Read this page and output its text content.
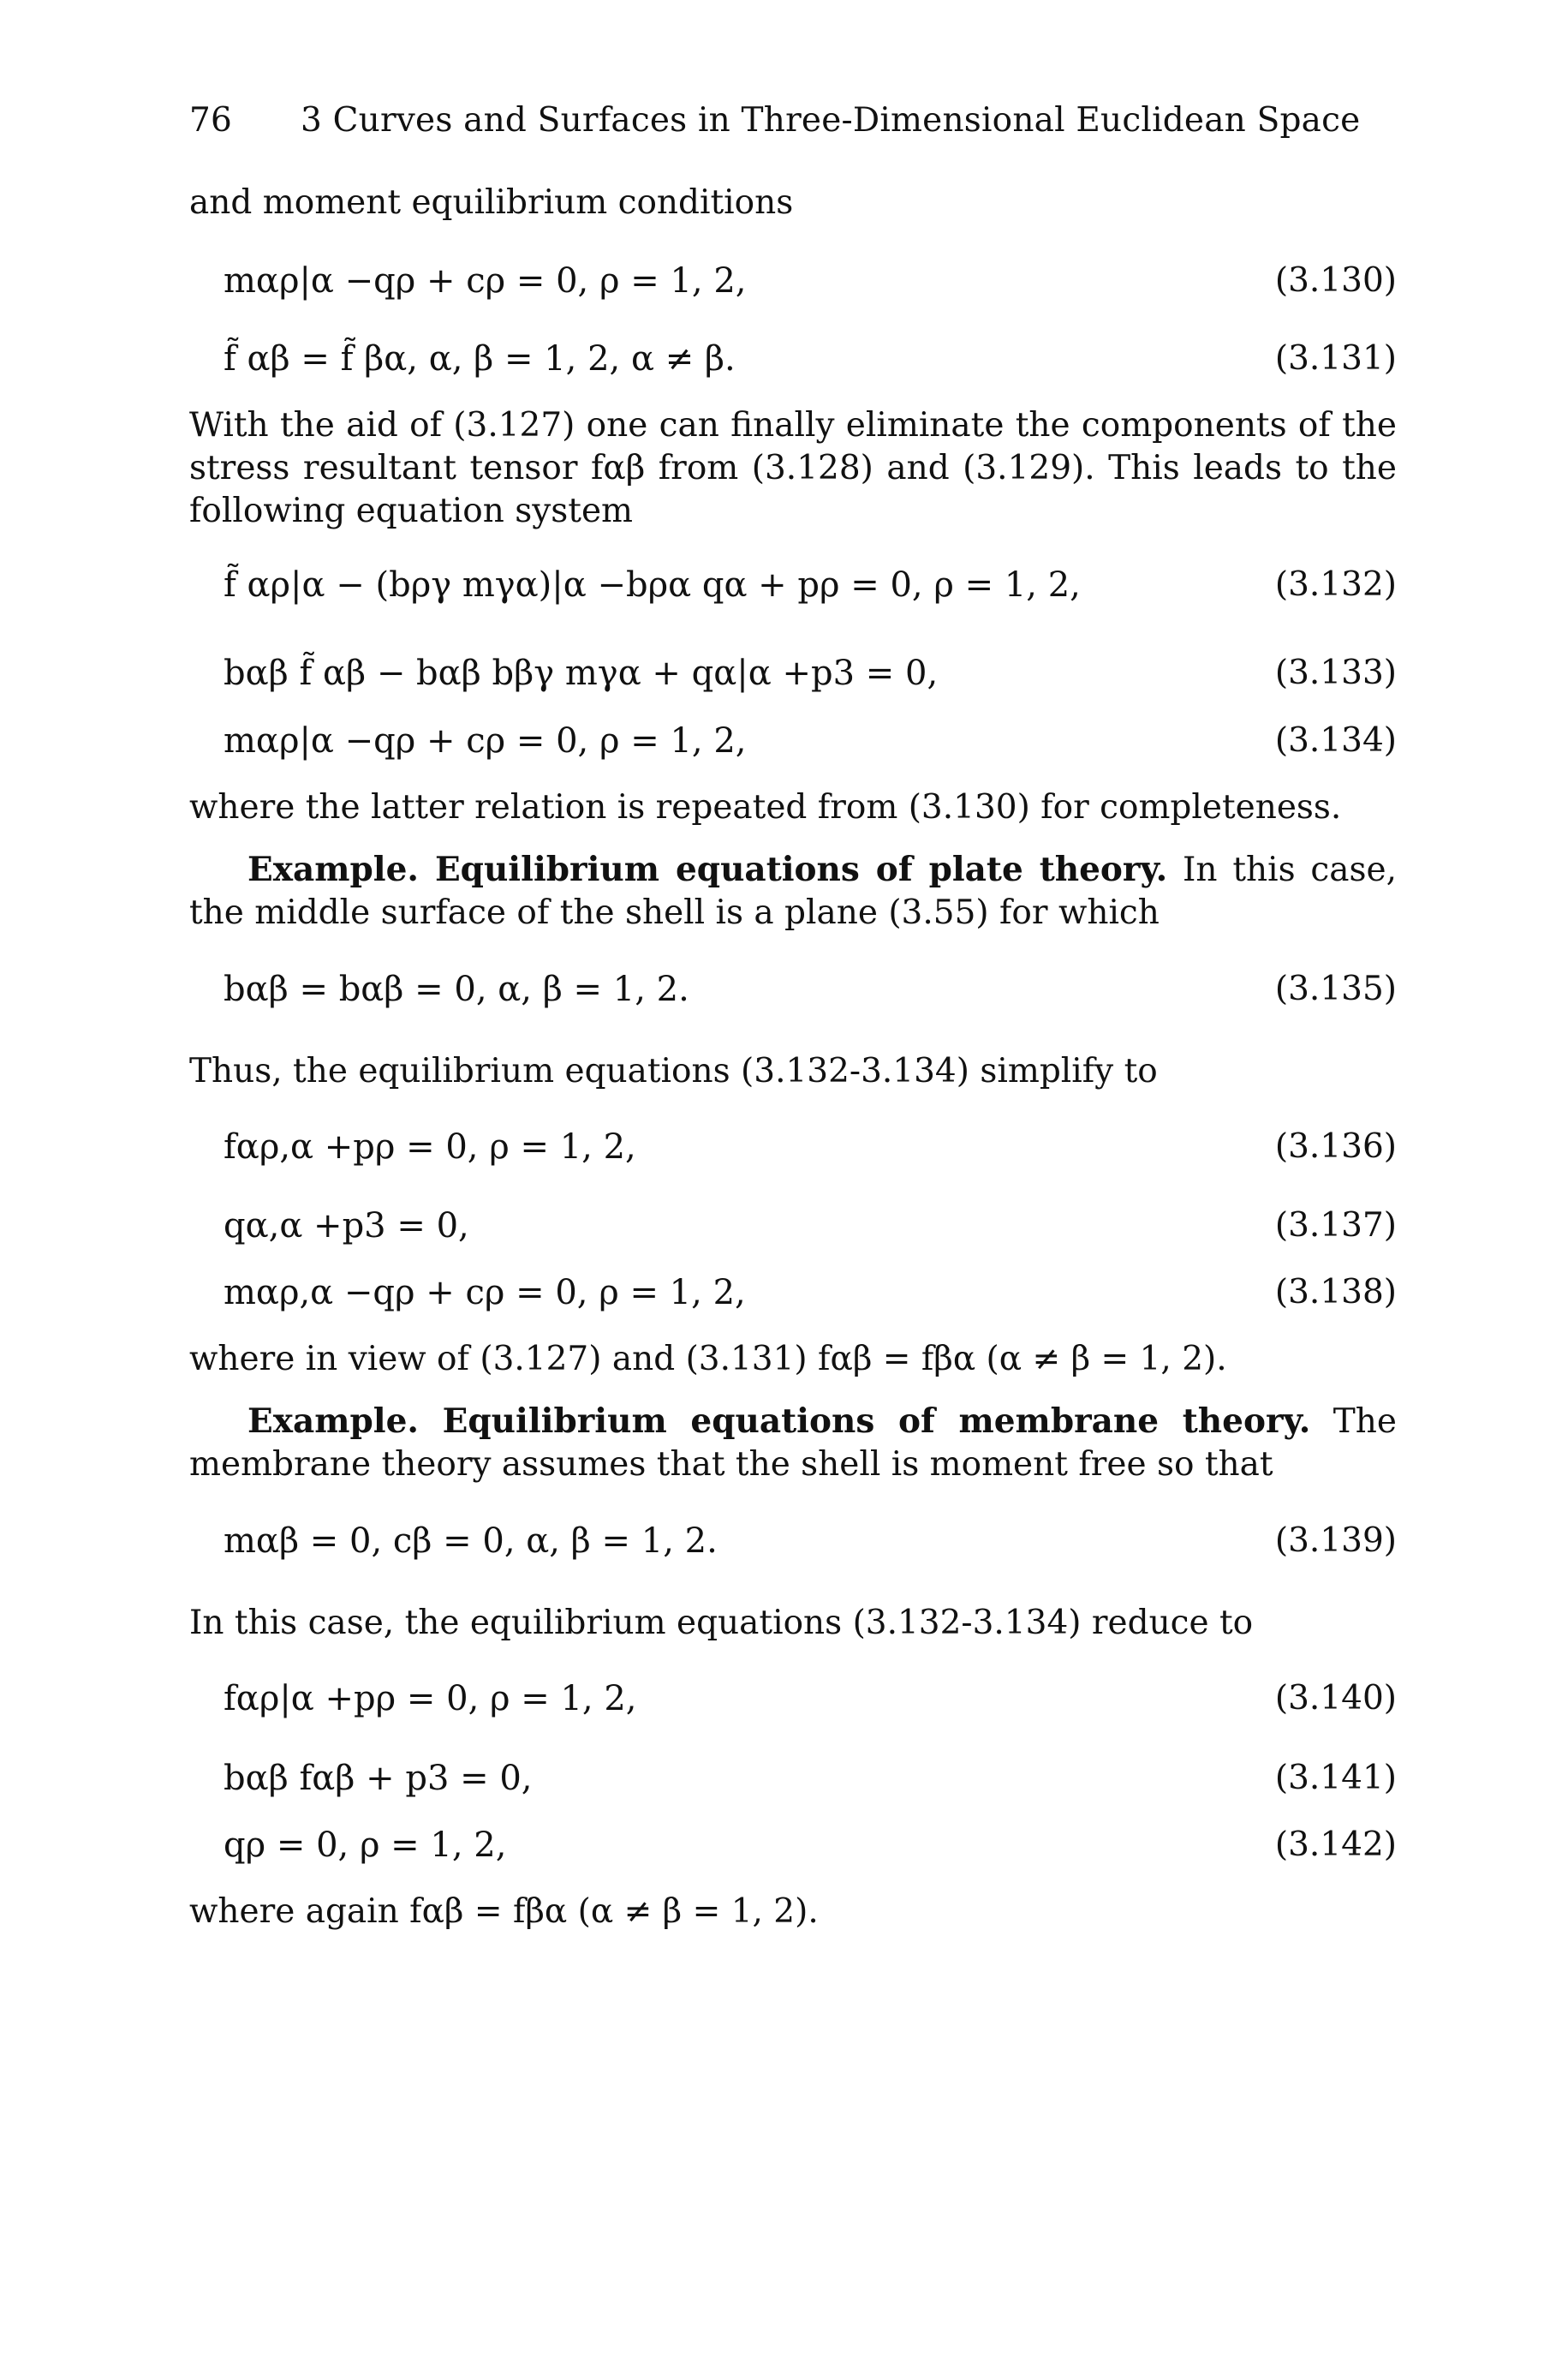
76 3 Curves and Surfaces in Three-Dimensional Euclidean Space
and moment equilibrium conditions
mαρ|α −qρ + cρ = 0, ρ = 1, 2,	(3.130)
f̃ αβ = f̃ βα, α, β = 1, 2, α ≠ β.	(3.131)
With the aid of (3.127) one can finally eliminate the components of the stress resultant tensor fαβ from (3.128) and (3.129). This leads to the following equation system
f̃ αρ|α − (bργ mγα)|α −bρα qα + pρ = 0, ρ = 1, 2,	(3.132)
bαβ f̃ αβ − bαβ bβγ mγα + qα|α +p3 = 0,	(3.133)
mαρ|α −qρ + cρ = 0, ρ = 1, 2,	(3.134)
where the latter relation is repeated from (3.130) for completeness.
Example. Equilibrium equations of plate theory. In this case, the middle surface of the shell is a plane (3.55) for which
bαβ = bαβ = 0, α, β = 1, 2.	(3.135)
Thus, the equilibrium equations (3.132-3.134) simplify to
fαρ,α +pρ = 0, ρ = 1, 2,	(3.136)
qα,α +p3 = 0,	(3.137)
mαρ,α −qρ + cρ = 0, ρ = 1, 2,	(3.138)
where in view of (3.127) and (3.131) fαβ = fβα (α ≠ β = 1, 2).
Example. Equilibrium equations of membrane theory. The membrane theory assumes that the shell is moment free so that
mαβ = 0, cβ = 0, α, β = 1, 2.	(3.139)
In this case, the equilibrium equations (3.132-3.134) reduce to
fαρ|α +pρ = 0, ρ = 1, 2,	(3.140)
bαβ fαβ + p3 = 0,	(3.141)
qρ = 0, ρ = 1, 2,	(3.142)
where again fαβ = fβα (α ≠ β = 1, 2).
